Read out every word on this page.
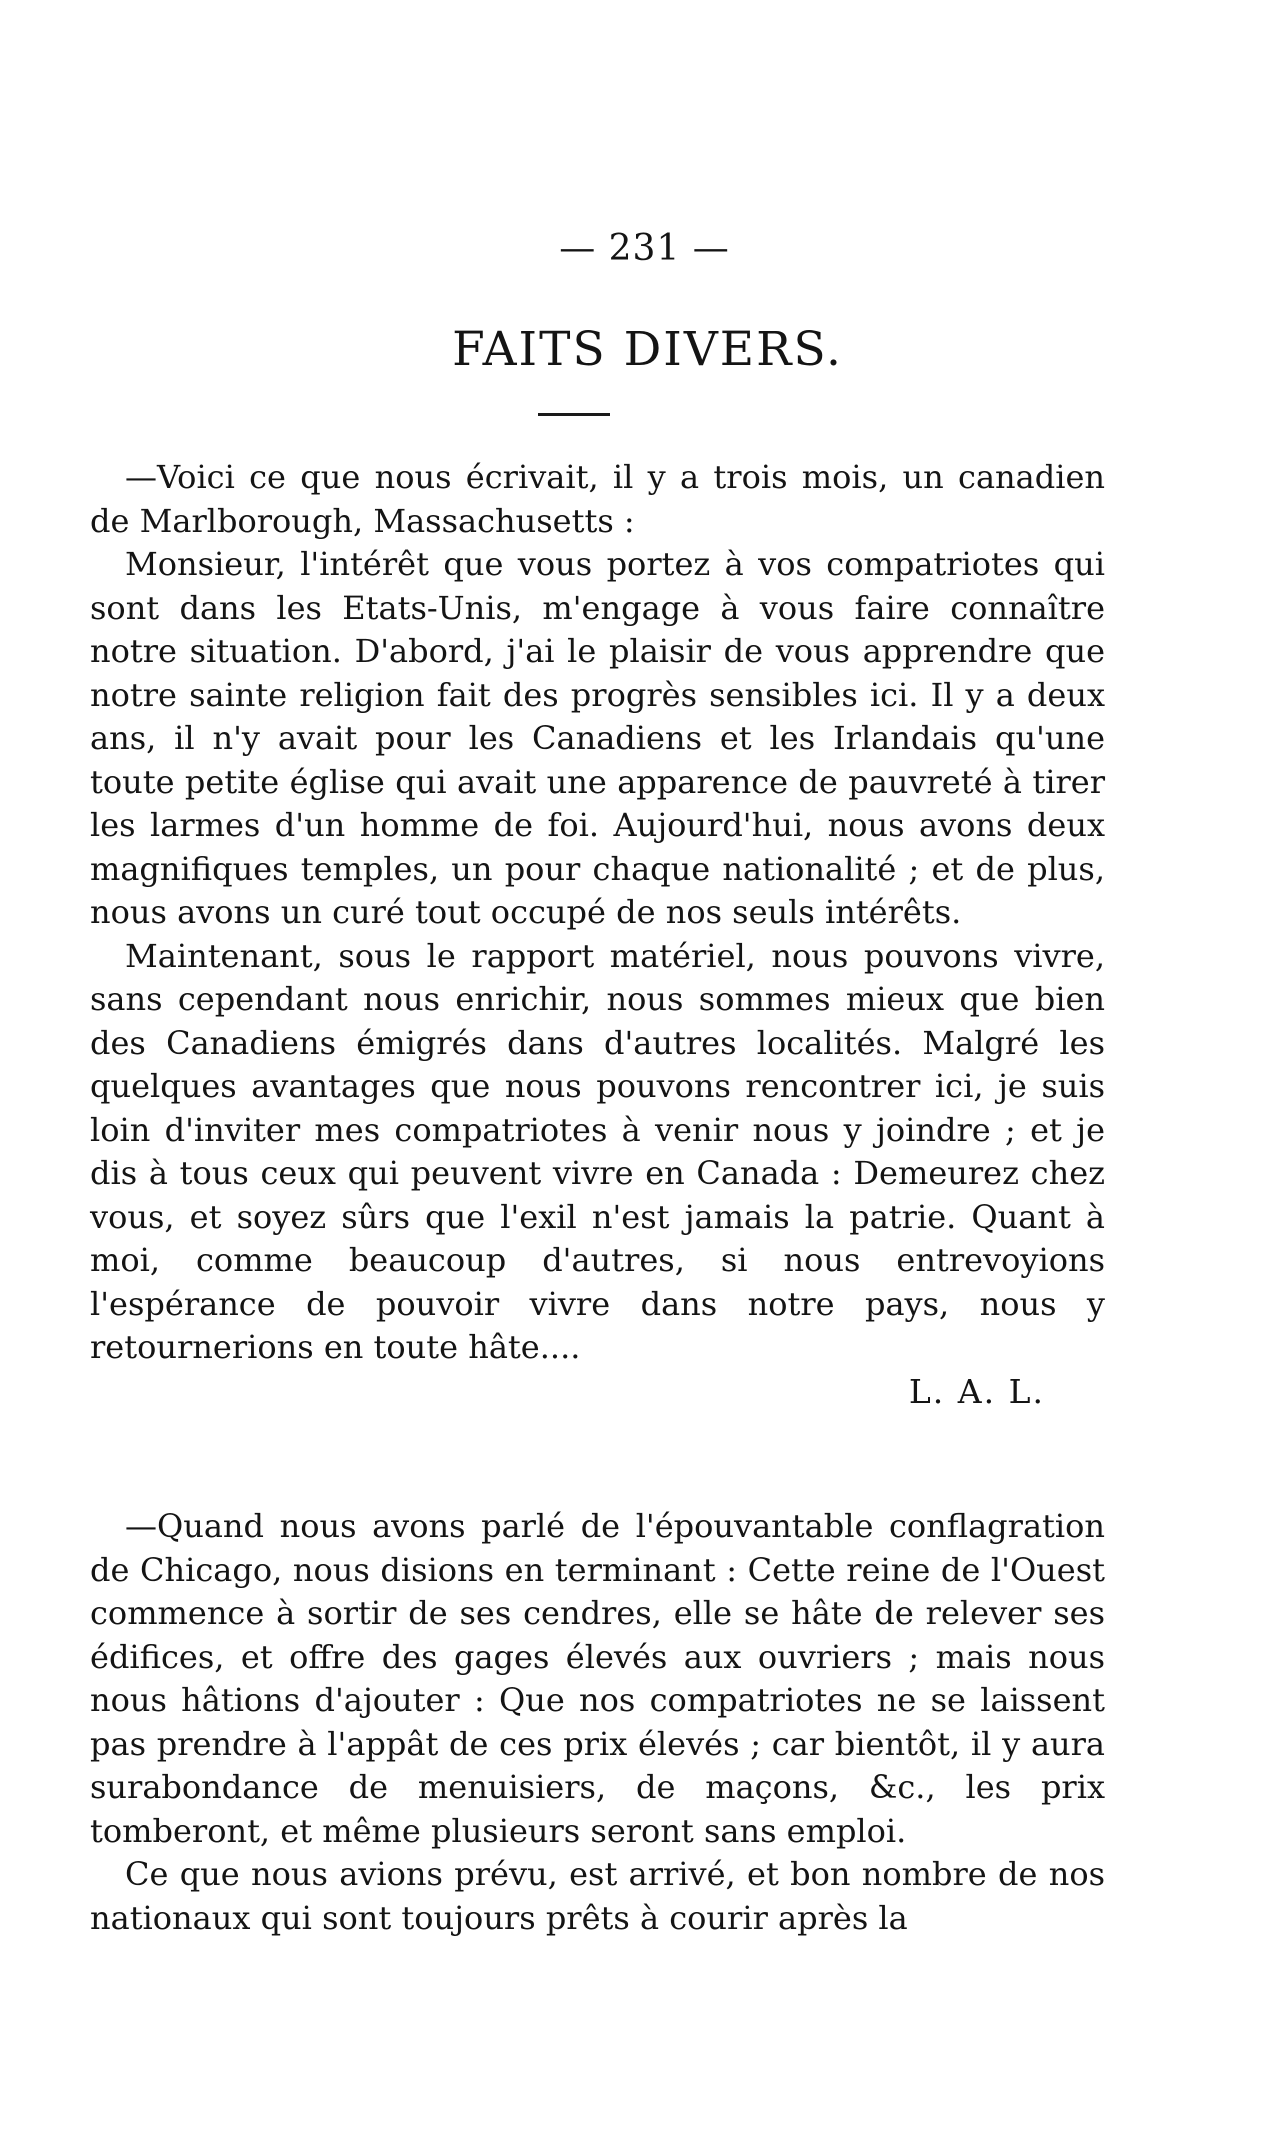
— 231 —
FAITS DIVERS.

—Voici ce que nous écrivait, il y a trois mois, un canadien de Marlborough, Massachusetts :

Monsieur, l'intérêt que vous portez à vos compatriotes qui sont dans les Etats-Unis, m'engage à vous faire connaître notre situation. D'abord, j'ai le plaisir de vous apprendre que notre sainte religion fait des progrès sensibles ici. Il y a deux ans, il n'y avait pour les Canadiens et les Irlandais qu'une toute petite église qui avait une apparence de pauvreté à tirer les larmes d'un homme de foi. Aujourd'hui, nous avons deux magnifiques temples, un pour chaque nationalité ; et de plus, nous avons un curé tout occupé de nos seuls intérêts.

Maintenant, sous le rapport matériel, nous pouvons vivre, sans cependant nous enrichir, nous sommes mieux que bien des Canadiens émigrés dans d'autres localités. Malgré les quelques avantages que nous pouvons rencontrer ici, je suis loin d'inviter mes compatriotes à venir nous y joindre ; et je dis à tous ceux qui peuvent vivre en Canada : Demeurez chez vous, et soyez sûrs que l'exil n'est jamais la patrie. Quant à moi, comme beaucoup d'autres, si nous entrevoyions l'espérance de pouvoir vivre dans notre pays, nous y retournerions en toute hâte....

L. A. L.

—Quand nous avons parlé de l'épouvantable conflagration de Chicago, nous disions en terminant : Cette reine de l'Ouest commence à sortir de ses cendres, elle se hâte de relever ses édifices, et offre des gages élevés aux ouvriers ; mais nous nous hâtions d'ajouter : Que nos compatriotes ne se laissent pas prendre à l'appât de ces prix élevés ; car bientôt, il y aura surabondance de menuisiers, de maçons, &c., les prix tomberont, et même plusieurs seront sans emploi.

Ce que nous avions prévu, est arrivé, et bon nombre de nos nationaux qui sont toujours prêts à courir après la
